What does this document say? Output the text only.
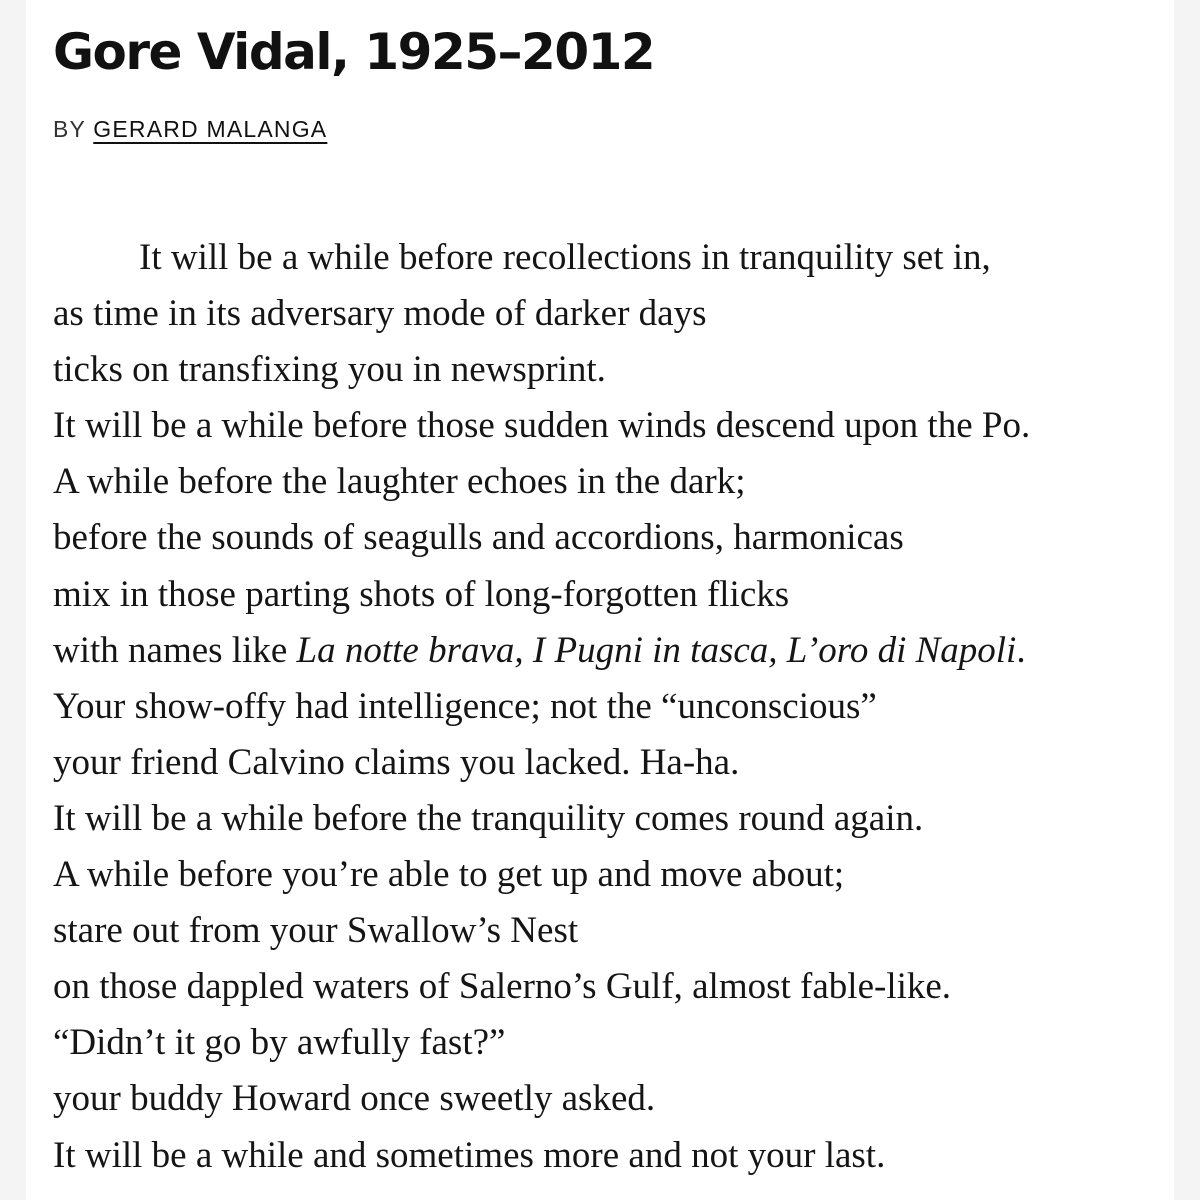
Gore Vidal, 1925–2012
BY GERARD MALANGA
It will be a while before recollections in tranquility set in,
as time in its adversary mode of darker days
ticks on transfixing you in newsprint.
It will be a while before those sudden winds descend upon the Po.
A while before the laughter echoes in the dark;
before the sounds of seagulls and accordions, harmonicas
mix in those parting shots of long-forgotten flicks
with names like La notte brava, I Pugni in tasca, L’oro di Napoli.
Your show-offy had intelligence; not the “unconscious”
your friend Calvino claims you lacked. Ha-ha.
It will be a while before the tranquility comes round again.
A while before you’re able to get up and move about;
stare out from your Swallow’s Nest
on those dappled waters of Salerno’s Gulf, almost fable-like.
“Didn’t it go by awfully fast?”
your buddy Howard once sweetly asked.
It will be a while and sometimes more and not your last.
